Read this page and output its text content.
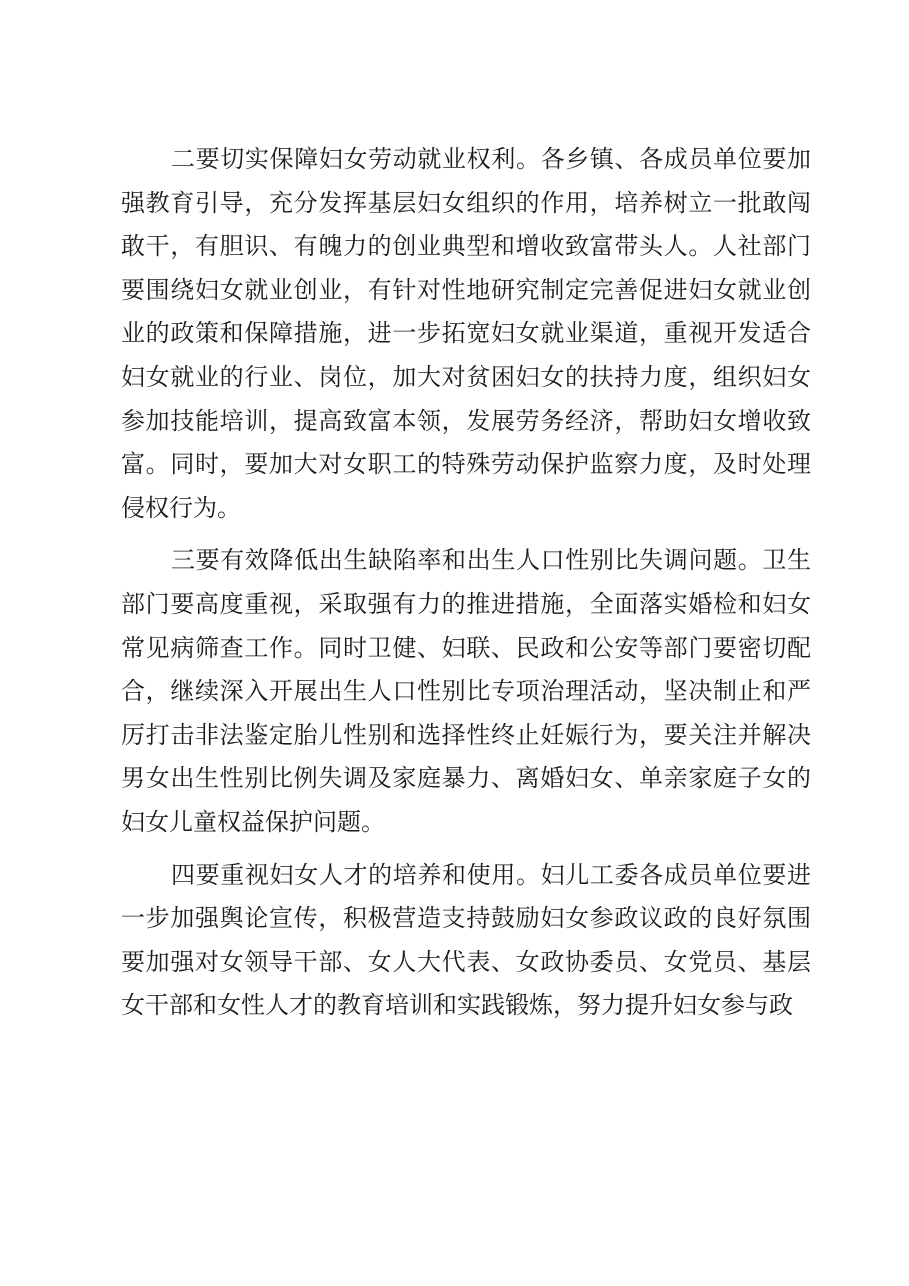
二要切实保障妇女劳动就业权利。各乡镇、各成员单位要加
强教育引导，充分发挥基层妇女组织的作用，培养树立一批敢闯
敢干，有胆识、有魄力的创业典型和增收致富带头人。人社部门
要围绕妇女就业创业，有针对性地研究制定完善促进妇女就业创
业的政策和保障措施，进一步拓宽妇女就业渠道，重视开发适合
妇女就业的行业、岗位，加大对贫困妇女的扶持力度，组织妇女
参加技能培训，提高致富本领，发展劳务经济，帮助妇女增收致
富。同时，要加大对女职工的特殊劳动保护监察力度，及时处理
侵权行为。
三要有效降低出生缺陷率和出生人口性别比失调问题。卫生
部门要高度重视，采取强有力的推进措施，全面落实婚检和妇女
常见病筛查工作。同时卫健、妇联、民政和公安等部门要密切配
合，继续深入开展出生人口性别比专项治理活动，坚决制止和严
厉打击非法鉴定胎儿性别和选择性终止妊娠行为，要关注并解决
男女出生性别比例失调及家庭暴力、离婚妇女、单亲家庭子女的
妇女儿童权益保护问题。
四要重视妇女人才的培养和使用。妇儿工委各成员单位要进
一步加强舆论宣传，积极营造支持鼓励妇女参政议政的良好氛围
要加强对女领导干部、女人大代表、女政协委员、女党员、基层
女干部和女性人才的教育培训和实践锻炼，努力提升妇女参与政
